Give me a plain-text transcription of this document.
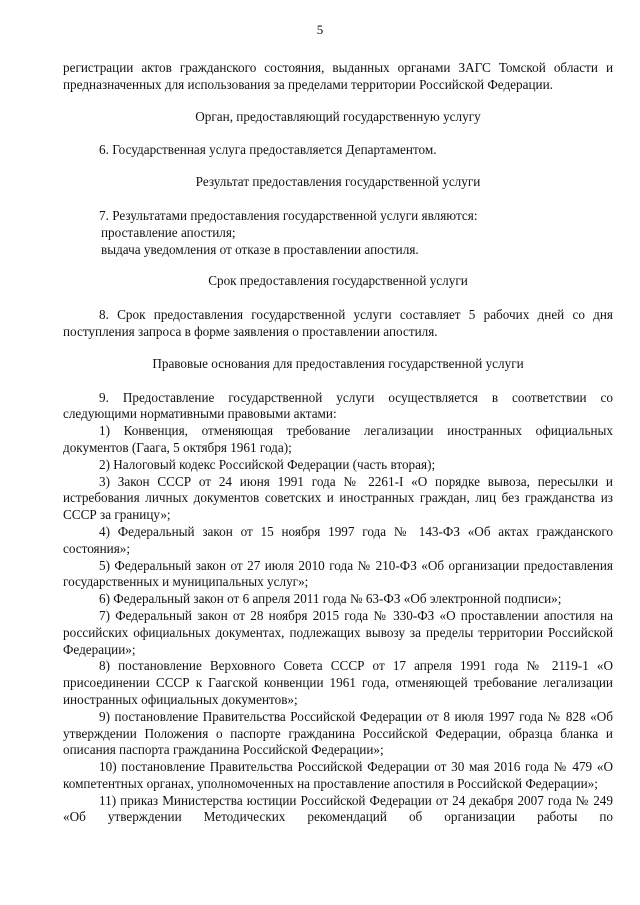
5

регистрации актов гражданского состояния, выданных органами ЗАГС Томской области и предназначенных для использования за пределами территории Российской Федерации.

Орган, предоставляющий государственную услугу

6. Государственная услуга предоставляется Департаментом.

Результат предоставления государственной услуги

7. Результатами предоставления государственной услуги являются:

проставление апостиля;

выдача уведомления от отказе в проставлении апостиля.

Срок предоставления государственной услуги

8. Срок предоставления государственной услуги составляет 5 рабочих дней со дня поступления запроса в форме заявления о проставлении апостиля.

Правовые основания для предоставления государственной услуги

9. Предоставление государственной услуги осуществляется в соответствии со следующими нормативными правовыми актами:

1) Конвенция, отменяющая требование легализации иностранных официальных документов (Гаага, 5 октября 1961 года);

2) Налоговый кодекс Российской Федерации (часть вторая);

3) Закон СССР от 24 июня 1991 года № 2261-I «О порядке вывоза, пересылки и истребования личных документов советских и иностранных граждан, лиц без гражданства из СССР за границу»;

4) Федеральный закон от 15 ноября 1997 года № 143-ФЗ «Об актах гражданского состояния»;

5) Федеральный закон от 27 июля 2010 года № 210-ФЗ «Об организации предоставления государственных и муниципальных услуг»;

6) Федеральный закон от 6 апреля 2011 года № 63-ФЗ «Об электронной подписи»;

7) Федеральный закон от 28 ноября 2015 года № 330-ФЗ «О проставлении апостиля на российских официальных документах, подлежащих вывозу за пределы территории Российской Федерации»;

8) постановление Верховного Совета СССР от 17 апреля 1991 года № 2119-1 «О присоединении СССР к Гаагской конвенции 1961 года, отменяющей требование легализации иностранных официальных документов»;

9) постановление Правительства Российской Федерации от 8 июля 1997 года № 828 «Об утверждении Положения о паспорте гражданина Российской Федерации, образца бланка и описания паспорта гражданина Российской Федерации»;

10) постановление Правительства Российской Федерации от 30 мая 2016 года № 479 «О компетентных органах, уполномоченных на проставление апостиля в Российской Федерации»;

11) приказ Министерства юстиции Российской Федерации от 24 декабря 2007 года № 249 «Об утверждении Методических рекомендаций об организации работы по
